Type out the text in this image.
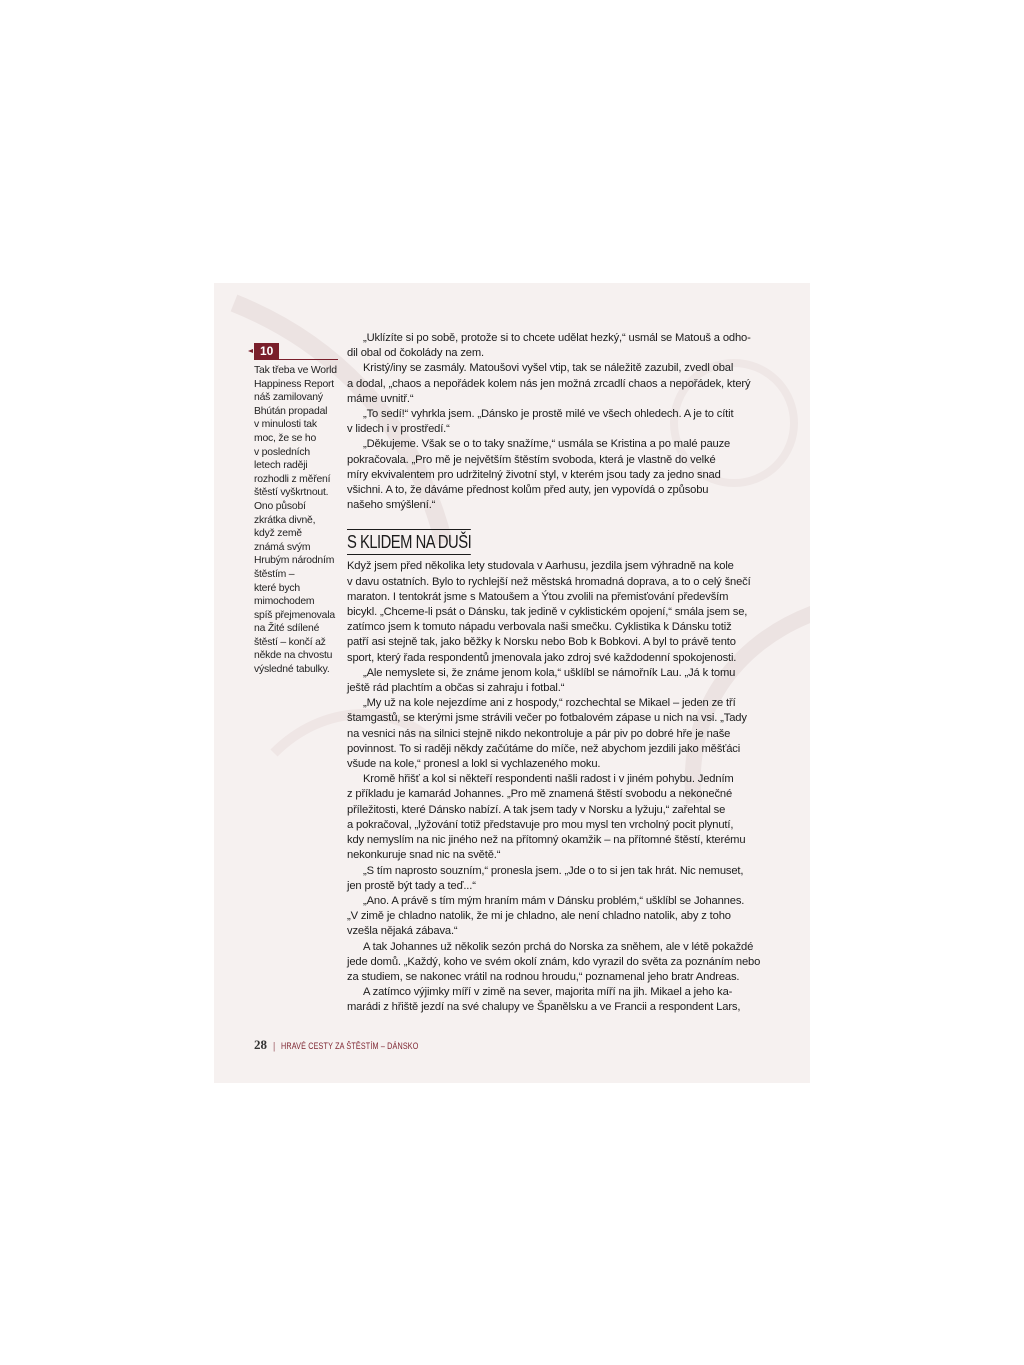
10
Tak třeba ve World
Happiness Report
náš zamilovaný
Bhútán propadal
v minulosti tak
moc, že se ho
v posledních
letech raději
rozhodli z měření
štěstí vyškrtnout.
Ono působí
zkrátka divně,
když země
známá svým
Hrubým národním
štěstím –
které bych
mimochodem
spíš přejmenovala
na Žité sdílené
štěstí – končí až
někde na chvostu
výsledné tabulky.

„Uklízíte si po sobě, protože si to chcete udělat hezký,“ usmál se Matouš a odho-
dil obal od čokolády na zem.

Kristý/iny se zasmály. Matoušovi vyšel vtip, tak se náležitě zazubil, zvedl obal
a dodal, „chaos a nepořádek kolem nás jen možná zrcadlí chaos a nepořádek, který
máme uvnitř.“

„To sedí!“ vyhrkla jsem. „Dánsko je prostě milé ve všech ohledech. A je to cítit
v lidech i v prostředí.“

„Děkujeme. Však se o to taky snažíme,“ usmála se Kristina a po malé pauze
pokračovala. „Pro mě je největším štěstím svoboda, která je vlastně do velké
míry ekvivalentem pro udržitelný životní styl, v kterém jsou tady za jedno snad
všichni. A to, že dáváme přednost kolům před auty, jen vypovídá o způsobu
našeho smýšlení.“

S KLIDEM NA DUŠI

Když jsem před několika lety studovala v Aarhusu, jezdila jsem výhradně na kole
v davu ostatních. Bylo to rychlejší než městská hromadná doprava, a to o celý šnečí
maraton. I tentokrát jsme s Matoušem a Ýtou zvolili na přemisťování především
bicykl. „Chceme-li psát o Dánsku, tak jedině v cyklistickém opojení,“ smála jsem se,
zatímco jsem k tomuto nápadu verbovala naši smečku. Cyklistika k Dánsku totiž
patří asi stejně tak, jako běžky k Norsku nebo Bob k Bobkovi. A byl to právě tento
sport, který řada respondentů jmenovala jako zdroj své každodenní spokojenosti.

„Ale nemyslete si, že známe jenom kola,“ ušklíbl se námořník Lau. „Já k tomu
ještě rád plachtím a občas si zahraju i fotbal.“

„My už na kole nejezdíme ani z hospody,“ rozchechtal se Mikael – jeden ze tří
štamgastů, se kterými jsme strávili večer po fotbalovém zápase u nich na vsi. „Tady
na vesnici nás na silnici stejně nikdo nekontroluje a pár piv po dobré hře je naše
povinnost. To si raději někdy začútáme do míče, než abychom jezdili jako měšťáci
všude na kole,“ pronesl a lokl si vychlazeného moku.

Kromě hřišť a kol si někteří respondenti našli radost i v jiném pohybu. Jedním
z příkladu je kamarád Johannes. „Pro mě znamená štěstí svobodu a nekonečné
příležitosti, které Dánsko nabízí. A tak jsem tady v Norsku a lyžuju,“ zařehtal se
a pokračoval, „lyžování totiž představuje pro mou mysl ten vrcholný pocit plynutí,
kdy nemyslím na nic jiného než na přítomný okamžik – na přítomné štěstí, kterému
nekonkuruje snad nic na světě.“

„S tím naprosto souzním,“ pronesla jsem. „Jde o to si jen tak hrát. Nic nemuset,
jen prostě být tady a teď...“

„Ano. A právě s tím mým hraním mám v Dánsku problém,“ ušklíbl se Johannes.
„V zimě je chladno natolik, že mi je chladno, ale není chladno natolik, aby z toho
vzešla nějaká zábava.“

A tak Johannes už několik sezón prchá do Norska za sněhem, ale v létě pokaždé
jede domů. „Každý, koho ve svém okolí znám, kdo vyrazil do světa za poznáním nebo
za studiem, se nakonec vrátil na rodnou hroudu,“ poznamenal jeho bratr Andreas.

A zatímco výjimky míří v zimě na sever, majorita míří na jih. Mikael a jeho ka-
marádi z hřiště jezdí na své chalupy ve Španělsku a ve Francii a respondent Lars,

28 | HRAVÉ CESTY ZA ŠTĚSTÍM – DÁNSKO
